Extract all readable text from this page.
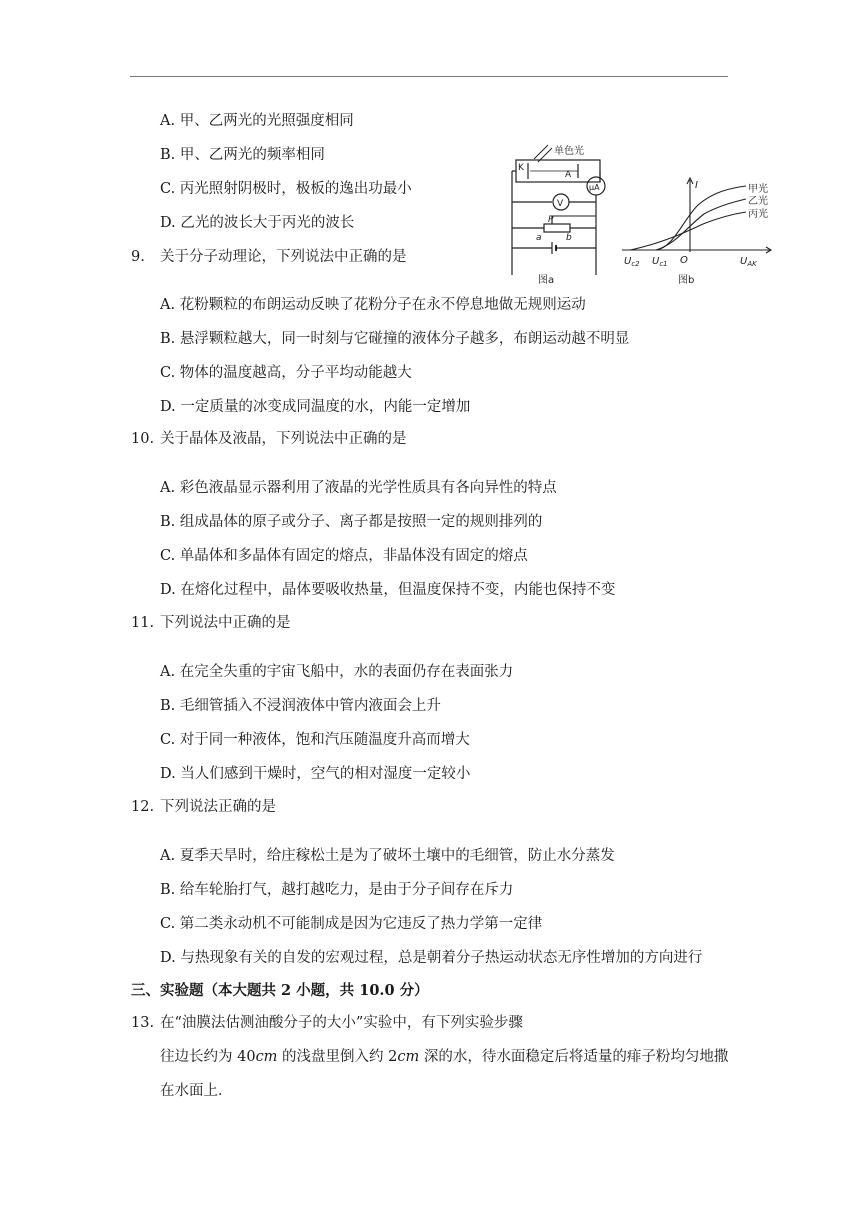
A. 甲、乙两光的光照强度相同
B. 甲、乙两光的频率相同
C. 丙光照射阴极时，极板的逸出功最小
D. 乙光的波长大于丙光的波长
单色光
K
A
μA
V
P
a	b
图a
I	甲光
乙光
丙光
O
$U_{c2}$ $U_{c1}$	$U_{AK}$
图b
9. 关于分子动理论，下列说法中正确的是
A. 花粉颗粒的布朗运动反映了花粉分子在永不停息地做无规则运动
B. 悬浮颗粒越大，同一时刻与它碰撞的液体分子越多，布朗运动越不明显
C. 物体的温度越高，分子平均动能越大
D. 一定质量的冰变成同温度的水，内能一定增加
10. 关于晶体及液晶，下列说法中正确的是
A. 彩色液晶显示器利用了液晶的光学性质具有各向异性的特点
B. 组成晶体的原子或分子、离子都是按照一定的规则排列的
C. 单晶体和多晶体有固定的熔点，非晶体没有固定的熔点
D. 在熔化过程中，晶体要吸收热量，但温度保持不变，内能也保持不变
11. 下列说法中正确的是
A. 在完全失重的宇宙飞船中，水的表面仍存在表面张力
B. 毛细管插入不浸润液体中管内液面会上升
C. 对于同一种液体，饱和汽压随温度升高而增大
D. 当人们感到干燥时，空气的相对湿度一定较小
12. 下列说法正确的是
A. 夏季天旱时，给庄稼松土是为了破坏土壤中的毛细管，防止水分蒸发
B. 给车轮胎打气，越打越吃力，是由于分子间存在斥力
C. 第二类永动机不可能制成是因为它违反了热力学第一定律
D. 与热现象有关的自发的宏观过程，总是朝着分子热运动状态无序性增加的方向进行
三、实验题（本大题共 2 小题，共 10.0 分）
13. 在“油膜法估测油酸分子的大小”实验中，有下列实验步骤
往边长约为 40cm 的浅盘里倒入约 2cm 深的水，待水面稳定后将适量的痱子粉均匀地撒
在水面上．
